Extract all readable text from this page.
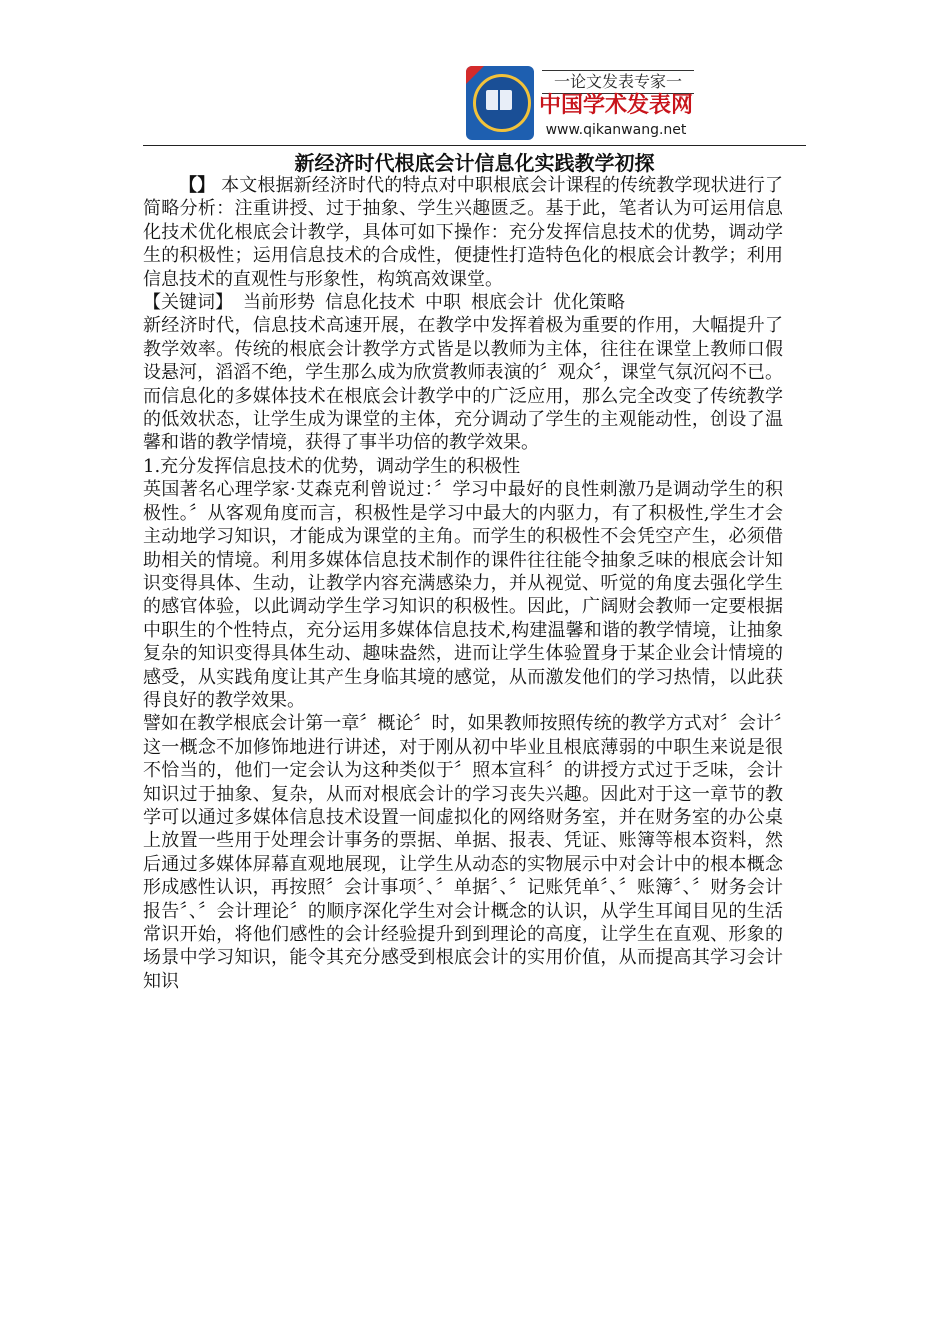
一论文发表专家一
中国学术发表网
www.qikanwang.net
新经济时代根底会计信息化实践教学初探

【】 本文根据新经济时代的特点对中职根底会计课程的传统教学现状进行了简略分析：注重讲授、过于抽象、学生兴趣匮乏。基于此，笔者认为可运用信息化技术优化根底会计教学，具体可如下操作：充分发挥信息技术的优势，调动学生的积极性；运用信息技术的合成性，便捷性打造特色化的根底会计教学；利用信息技术的直观性与形象性，构筑高效课堂。

【关键词】 当前形势 信息化技术 中职 根底会计 优化策略

新经济时代，信息技术高速开展，在教学中发挥着极为重要的作用，大幅提升了教学效率。传统的根底会计教学方式皆是以教师为主体，往往在课堂上教师口假设悬河，滔滔不绝，学生那么成为欣赏教师表演的〞观众〞，课堂气氛沉闷不已。而信息化的多媒体技术在根底会计教学中的广泛应用，那么完全改变了传统教学的低效状态，让学生成为课堂的主体，充分调动了学生的主观能动性，创设了温馨和谐的教学情境，获得了事半功倍的教学效果。

1.充分发挥信息技术的优势，调动学生的积极性

英国著名心理学家·艾森克利曾说过：〞学习中最好的良性刺激乃是调动学生的积极性。〞从客观角度而言，积极性是学习中最大的内驱力，有了积极性,学生才会主动地学习知识，才能成为课堂的主角。而学生的积极性不会凭空产生，必须借助相关的情境。利用多媒体信息技术制作的课件往往能令抽象乏味的根底会计知识变得具体、生动，让教学内容充满感染力，并从视觉、听觉的角度去强化学生的感官体验，以此调动学生学习知识的积极性。因此，广阔财会教师一定要根据中职生的个性特点，充分运用多媒体信息技术,构建温馨和谐的教学情境，让抽象复杂的知识变得具体生动、趣味盎然，进而让学生体验置身于某企业会计情境的感受，从实践角度让其产生身临其境的感觉，从而激发他们的学习热情，以此获得良好的教学效果。

譬如在教学根底会计第一章〞概论〞时，如果教师按照传统的教学方式对〞会计〞这一概念不加修饰地进行讲述，对于刚从初中毕业且根底薄弱的中职生来说是很不恰当的，他们一定会认为这种类似于〞照本宣科〞的讲授方式过于乏味，会计知识过于抽象、复杂，从而对根底会计的学习丧失兴趣。因此对于这一章节的教学可以通过多媒体信息技术设置一间虚拟化的网络财务室，并在财务室的办公桌上放置一些用于处理会计事务的票据、单据、报表、凭证、账簿等根本资料，然后通过多媒体屏幕直观地展现，让学生从动态的实物展示中对会计中的根本概念形成感性认识，再按照〞会计事项〞、〞单据〞、〞记账凭单〞、〞账簿〞、〞财务会计报告〞、〞会计理论〞的顺序深化学生对会计概念的认识，从学生耳闻目见的生活常识开始，将他们感性的会计经验提升到到理论的高度，让学生在直观、形象的场景中学习知识，能令其充分感受到根底会计的实用价值，从而提高其学习会计知识
